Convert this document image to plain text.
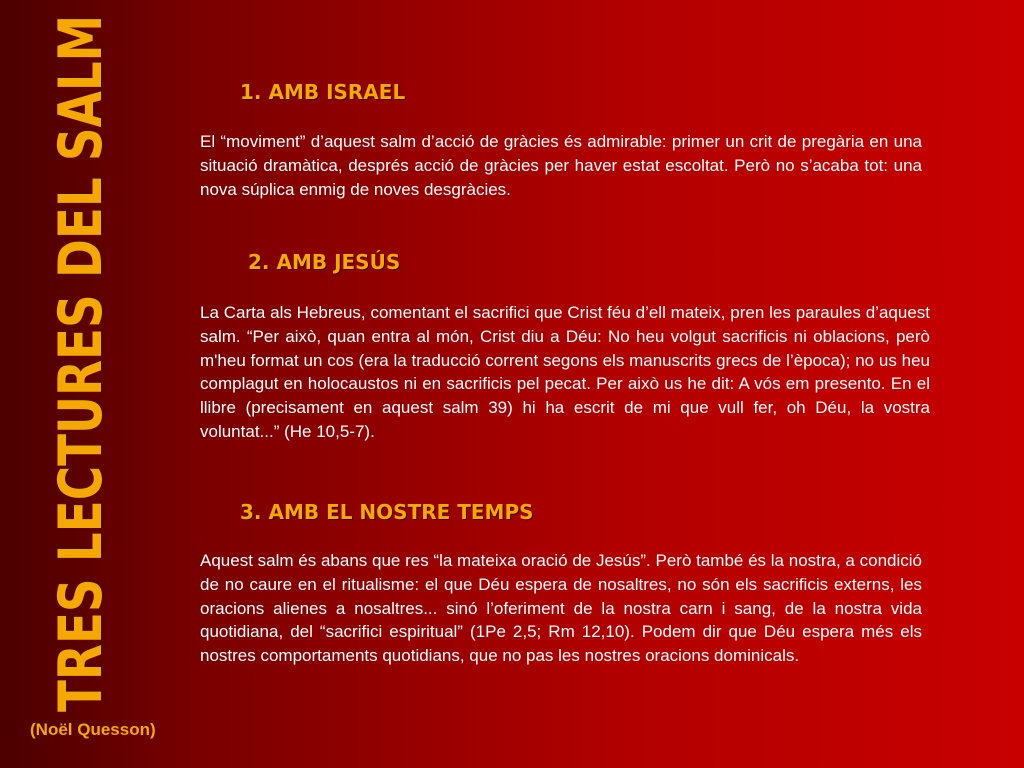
TRES LECTURES DEL SALM
(Noël Quesson)
1. AMB ISRAEL
El “moviment” d’aquest salm d’acció de gràcies és admirable: primer un crit de pregària en una situació dramàtica, després acció de gràcies per haver estat escoltat. Però no s’acaba tot: una nova súplica enmig de noves desgràcies.
2. AMB JESÚS
La Carta als Hebreus, comentant el sacrifici que Crist féu d’ell mateix, pren les paraules d’aquest salm. “Per això, quan entra al món, Crist diu a Déu: No heu volgut sacrificis ni oblacions, però m'heu format un cos (era la traducció corrent segons els manuscrits grecs de l’època); no us heu complagut en holocaustos ni en sacrificis pel pecat. Per això us he dit: A vós em presento. En el llibre (precisament en aquest salm 39) hi ha escrit de mi que vull fer, oh Déu, la vostra voluntat...” (He 10,5-7).
3. AMB EL NOSTRE TEMPS
Aquest salm és abans que res “la mateixa oració de Jesús”. Però també és la nostra, a condició de no caure en el ritualisme: el que Déu espera de nosaltres, no són els sacrificis externs, les oracions alienes a nosaltres... sinó l’oferiment de la nostra carn i sang, de la nostra vida quotidiana, del “sacrifici espiritual” (1Pe 2,5; Rm 12,10). Podem dir que Déu espera més els nostres comportaments quotidians, que no pas les nostres oracions dominicals.
